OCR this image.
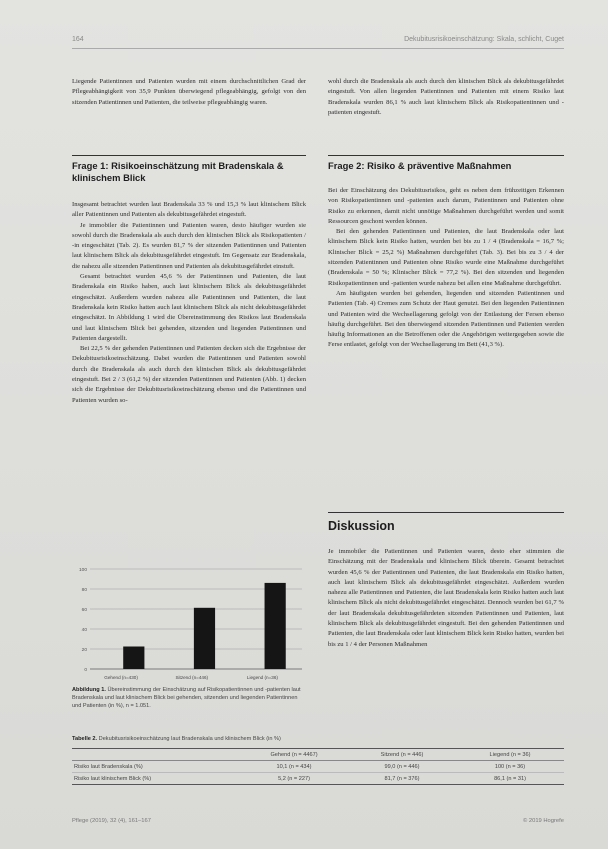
164	Dekubitusrisikoeinschätzung: Skala, schlicht, Cuget

Liegende Patientinnen und Patienten wurden mit einem durchschnittlichen Grad der Pflegeabhängigkeit von 35,9 Punkten überwiegend pflegeabhängig, gefolgt von den sitzenden Patientinnen und Patienten, die teilweise pflegeabhängig waren.

Frage 1: Risikoeinschätzung mit Bradenskala & klinischem Blick

Insgesamt betrachtet wurden laut Bradenskala 33 % und 15,3 % laut klinischem Blick aller Patientinnen und Patienten als dekubitusgefährdet eingestuft.

Je immobiler die Patientinnen und Patienten waren, desto häufiger wurden sie sowohl durch die Bradenskala als auch durch den klinischen Blick als Risikopatienten / -in eingeschätzt (Tab. 2). Es wurden 81,7 % der sitzenden Patientinnen und Patienten laut klinischem Blick als dekubitusgefährdet eingestuft. Im Gegensatz zur Bradenskala, die nahezu alle sitzenden Patientinnen und Patienten als dekubitusgefährdet einstuft.

Gesamt betrachtet wurden 45,6 % der Patientinnen und Patienten, die laut Bradenskala ein Risiko haben, auch laut klinischem Blick als dekubitusgefährdet eingeschätzt. Außerdem wurden nahezu alle Patientinnen und Patienten, die laut Bradenskala kein Risiko hatten auch laut klinischem Blick als nicht dekubitusgefährdet eingeschätzt. In Abbildung 1 wird die Übereinstimmung des Risikos laut Bradenskala und laut klinischem Blick bei gehenden, sitzenden und liegenden Patientinnen und Patienten dargestellt.

Bei 22,5 % der gehenden Patientinnen und Patienten decken sich die Ergebnisse der Dekubitusrisikoeinschätzung. Dabei wurden die Patientinnen und Patienten sowohl durch die Bradenskala als auch durch den klinischen Blick als dekubitusgefährdet eingestuft. Bei 2 / 3 (61,2 %) der sitzenden Patientinnen und Patienten (Abb. 1) decken sich die Ergebnisse der Dekubitusrisikoeinschätzung ebenso und die Patientinnen und Patienten wurden so-

0
20
40
60
80
100
Gehend (n=430)	Sitzend (n=446)	Liegend (n=36)
Abbildung 1. Übereinstimmung der Einschätzung auf Risikopatientinnen und -patienten laut Bradenskala und laut klinischem Blick bei gehenden, sitzenden und liegenden Patientinnen und Patienten (in %), n = 1.051.

wohl durch die Bradenskala als auch durch den klinischen Blick als dekubitusgefährdet eingestuft. Von allen liegenden Patientinnen und Patienten mit einem Risiko laut Bradenskala wurden 86,1 % auch laut klinischem Blick als Risikopatientinnen und -patienten eingestuft.

Frage 2: Risiko & präventive Maßnahmen

Bei der Einschätzung des Dekubitusrisikos, geht es neben dem frühzeitigen Erkennen von Risikopatientinnen und -patienten auch darum, Patientinnen und Patienten ohne Risiko zu erkennen, damit nicht unnötige Maßnahmen durchgeführt werden und somit Ressourcen geschont werden können.

Bei den gehenden Patientinnen und Patienten, die laut Bradenskala oder laut klinischem Blick kein Risiko hatten, wurden bei bis zu 1 / 4 (Bradenskala = 16,7 %; Klinischer Blick = 25,2 %) Maßnahmen durchgeführt (Tab. 3). Bei bis zu 3 / 4 der sitzenden Patientinnen und Patienten ohne Risiko wurde eine Maßnahme durchgeführt (Bradenskala = 50 %; Klinischer Blick = 77,2 %). Bei den sitzenden und liegenden Risikopatientinnen und -patienten wurde nahezu bei allen eine Maßnahme durchgeführt.

Am häufigsten wurden bei gehenden, liegenden und sitzenden Patientinnen und Patienten (Tab. 4) Cremes zum Schutz der Haut genutzt. Bei den liegenden Patientinnen und Patienten wird die Wechsellagerung gefolgt von der Entlastung der Fersen ebenso häufig durchgeführt. Bei den überwiegend sitzenden Patientinnen und Patienten werden häufig Informationen an die Betroffenen oder die Angehörigen weitergegeben sowie die Ferse entlastet, gefolgt von der Wechsellagerung im Bett (41,3 %).

Diskussion

Je immobiler die Patientinnen und Patienten waren, desto eher stimmten die Einschätzung mit der Bradenskala und klinischem Blick überein. Gesamt betrachtet wurden 45,6 % der Patientinnen und Patienten, die laut Bradenskala ein Risiko hatten, auch laut klinischem Blick als dekubitusgefährdet eingeschätzt. Außerdem wurden nahezu alle Patientinnen und Patienten, die laut Bradenskala kein Risiko hatten auch laut klinischem Blick als nicht dekubitusgefährdet eingeschätzt. Dennoch wurden bei 61,7 % der laut Bradenskala dekubitusgefährdeten sitzenden Patientinnen und Patienten, laut klinischem Blick als dekubitusgefährdet eingestuft. Bei den gehenden Patientinnen und Patienten, die laut Bradenskala oder laut klinischem Blick kein Risiko hatten, wurden bei bis zu 1 / 4 der Personen Maßnahmen

Tabelle 2. Dekubitusrisikoeinschätzung laut Bradenskala und klinischem Blick (in %)
	Gehend (n = 4467)	Sitzend (n = 446)	Liegend (n = 36)
Risiko laut Bradenskala (%)	10,1 (n = 434)	99,0 (n = 446)	100 (n = 36)
Risiko laut klinischem Blick (%)	5,2 (n = 227)	81,7 (n = 376)	86,1 (n = 31)
Pflege (2019), 32 (4), 161–167	© 2019 Hogrefe
